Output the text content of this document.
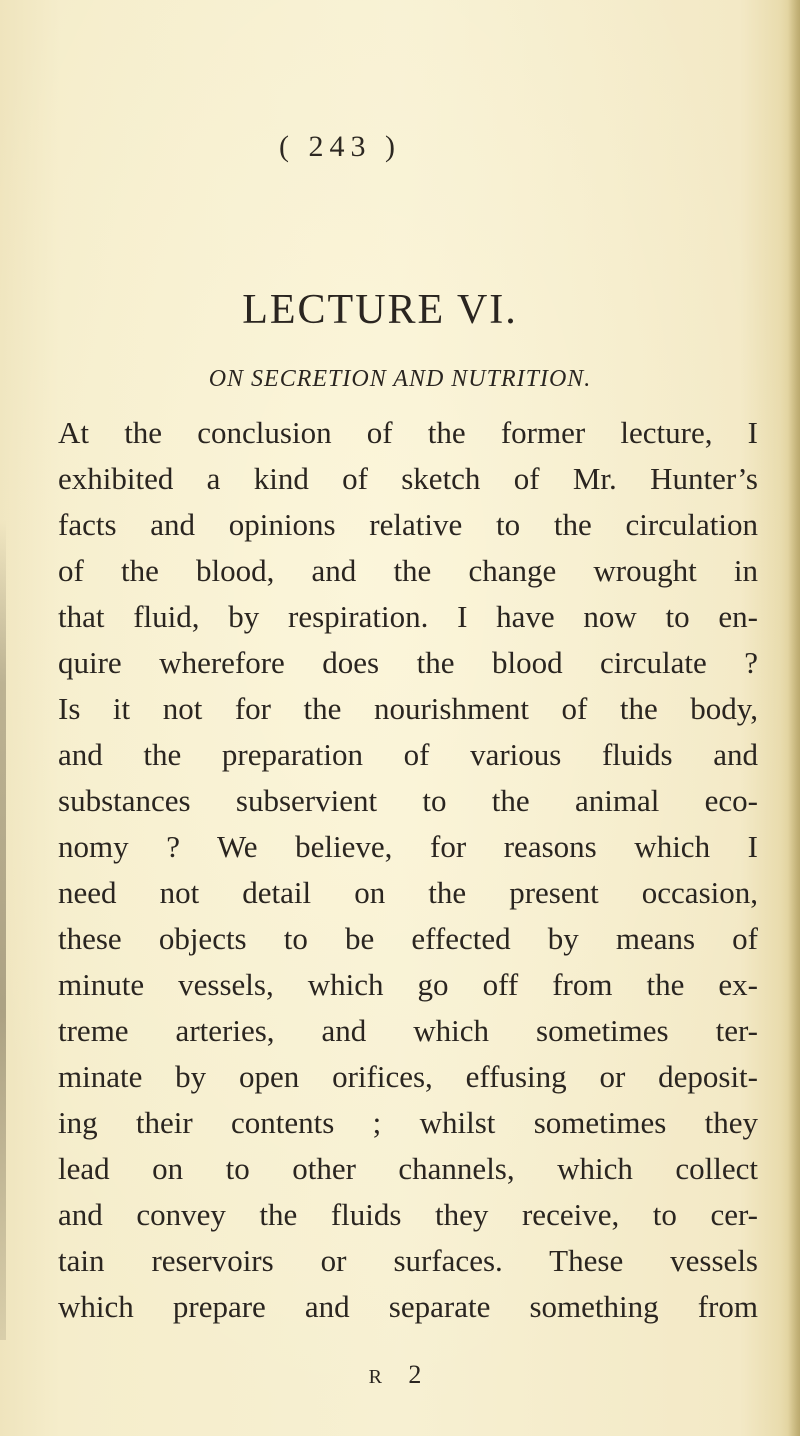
( 243 )
LECTURE VI.
ON SECRETION AND NUTRITION.
At the conclusion of the former lecture, I
exhibited a kind of sketch of Mr. Hunter’s
facts and opinions relative to the circulation
of the blood, and the change wrought in
that fluid, by respiration. I have now to en-
quire wherefore does the blood circulate ?
Is it not for the nourishment of the body,
and the preparation of various fluids and
substances subservient to the animal eco-
nomy ? We believe, for reasons which I
need not detail on the present occasion,
these objects to be effected by means of
minute vessels, which go off from the ex-
treme arteries, and which sometimes ter-
minate by open orifices, effusing or deposit-
ing their contents ; whilst sometimes they
lead on to other channels, which collect
and convey the fluids they receive, to cer-
tain reservoirs or surfaces. These vessels
which prepare and separate something from
R 2
